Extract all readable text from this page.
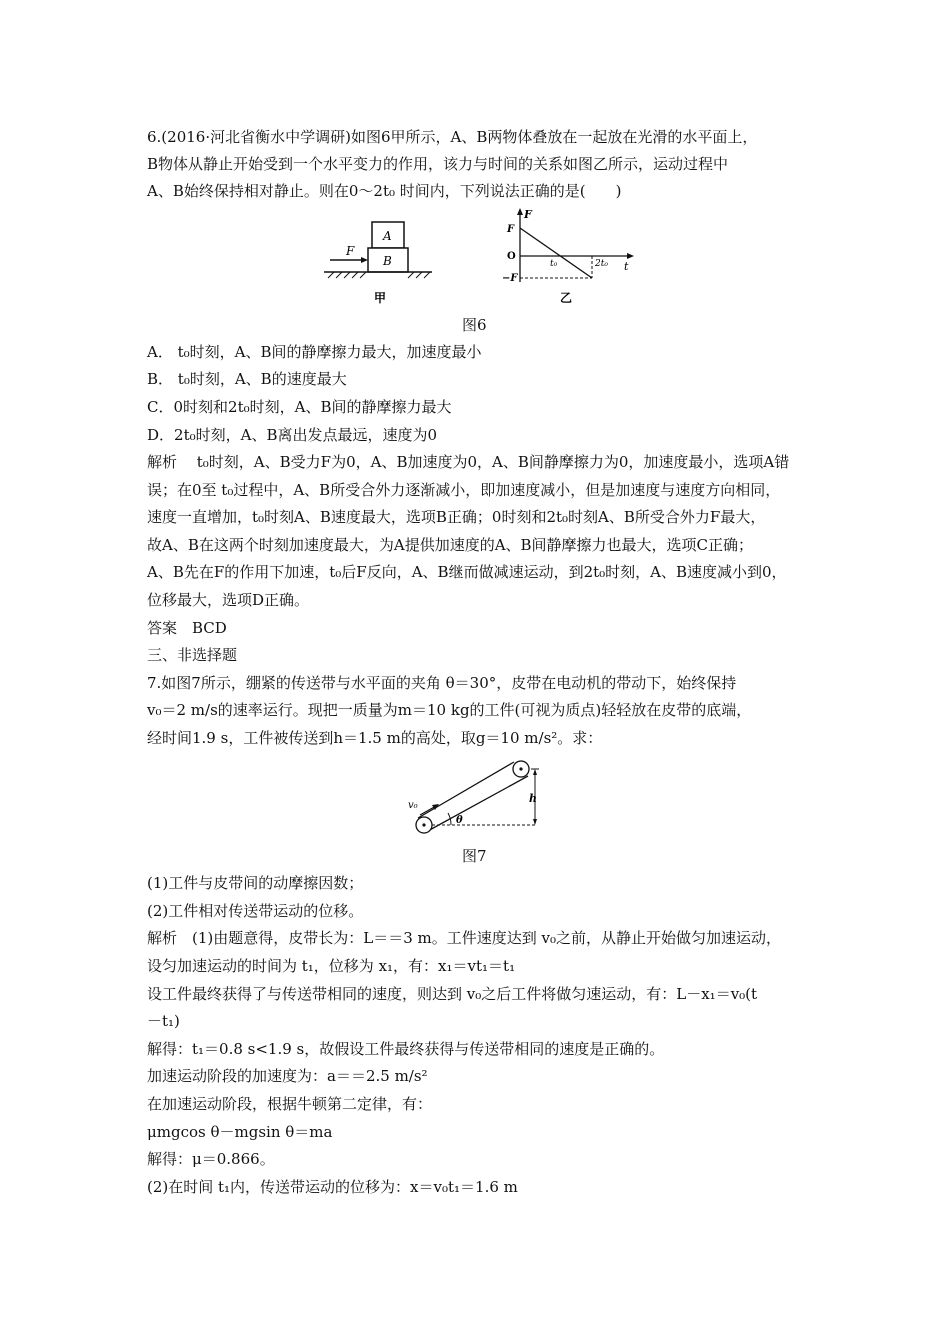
6.(2016·河北省衡水中学调研)如图6甲所示，A、B两物体叠放在一起放在光滑的水平面上，
B物体从静止开始受到一个水平变力的作用，该力与时间的关系如图乙所示，运动过程中
A、B始终保持相对静止。则在0～2t₀ 时间内，下列说法正确的是(　　)
A
B
F
甲
F
t
F
O
−F
t₀	2t₀
乙
图6
A． t₀时刻，A、B间的静摩擦力最大，加速度最小
B． t₀时刻，A、B的速度最大
C．0时刻和2t₀时刻，A、B间的静摩擦力最大
D．2t₀时刻，A、B离出发点最远，速度为0
解析　 t₀时刻，A、B受力F为0，A、B加速度为0，A、B间静摩擦力为0，加速度最小，选项A错
误；在0至 t₀过程中，A、B所受合外力逐渐减小，即加速度减小，但是加速度与速度方向相同，
速度一直增加，t₀时刻A、B速度最大，选项B正确；0时刻和2t₀时刻A、B所受合外力F最大，
故A、B在这两个时刻加速度最大，为A提供加速度的A、B间静摩擦力也最大，选项C正确；
A、B先在F的作用下加速，t₀后F反向，A、B继而做减速运动，到2t₀时刻，A、B速度减小到0，
位移最大，选项D正确。
答案　BCD
三、非选择题
7.如图7所示，绷紧的传送带与水平面的夹角 θ＝30°，皮带在电动机的带动下，始终保持
v₀＝2 m/s的速率运行。现把一质量为m＝10 kg的工件(可视为质点)轻轻放在皮带的底端，
经时间1.9 s，工件被传送到h＝1.5 m的高处，取g＝10 m/s²。求：
h
θ
v₀
图7
(1)工件与皮带间的动摩擦因数；
(2)工件相对传送带运动的位移。
解析　(1)由题意得，皮带长为：L＝＝3 m。工件速度达到 v₀之前，从静止开始做匀加速运动，
设匀加速运动的时间为 t₁，位移为 x₁，有：x₁＝vt₁＝t₁
设工件最终获得了与传送带相同的速度，则达到 v₀之后工件将做匀速运动，有：L－x₁＝v₀(t
－t₁)
解得：t₁＝0.8 s<1.9 s，故假设工件最终获得与传送带相同的速度是正确的。
加速运动阶段的加速度为：a＝＝2.5 m/s²
在加速运动阶段，根据牛顿第二定律，有：
μmgcos θ－mgsin θ＝ma
解得：μ＝0.866。
(2)在时间 t₁内，传送带运动的位移为：x＝v₀t₁＝1.6 m
